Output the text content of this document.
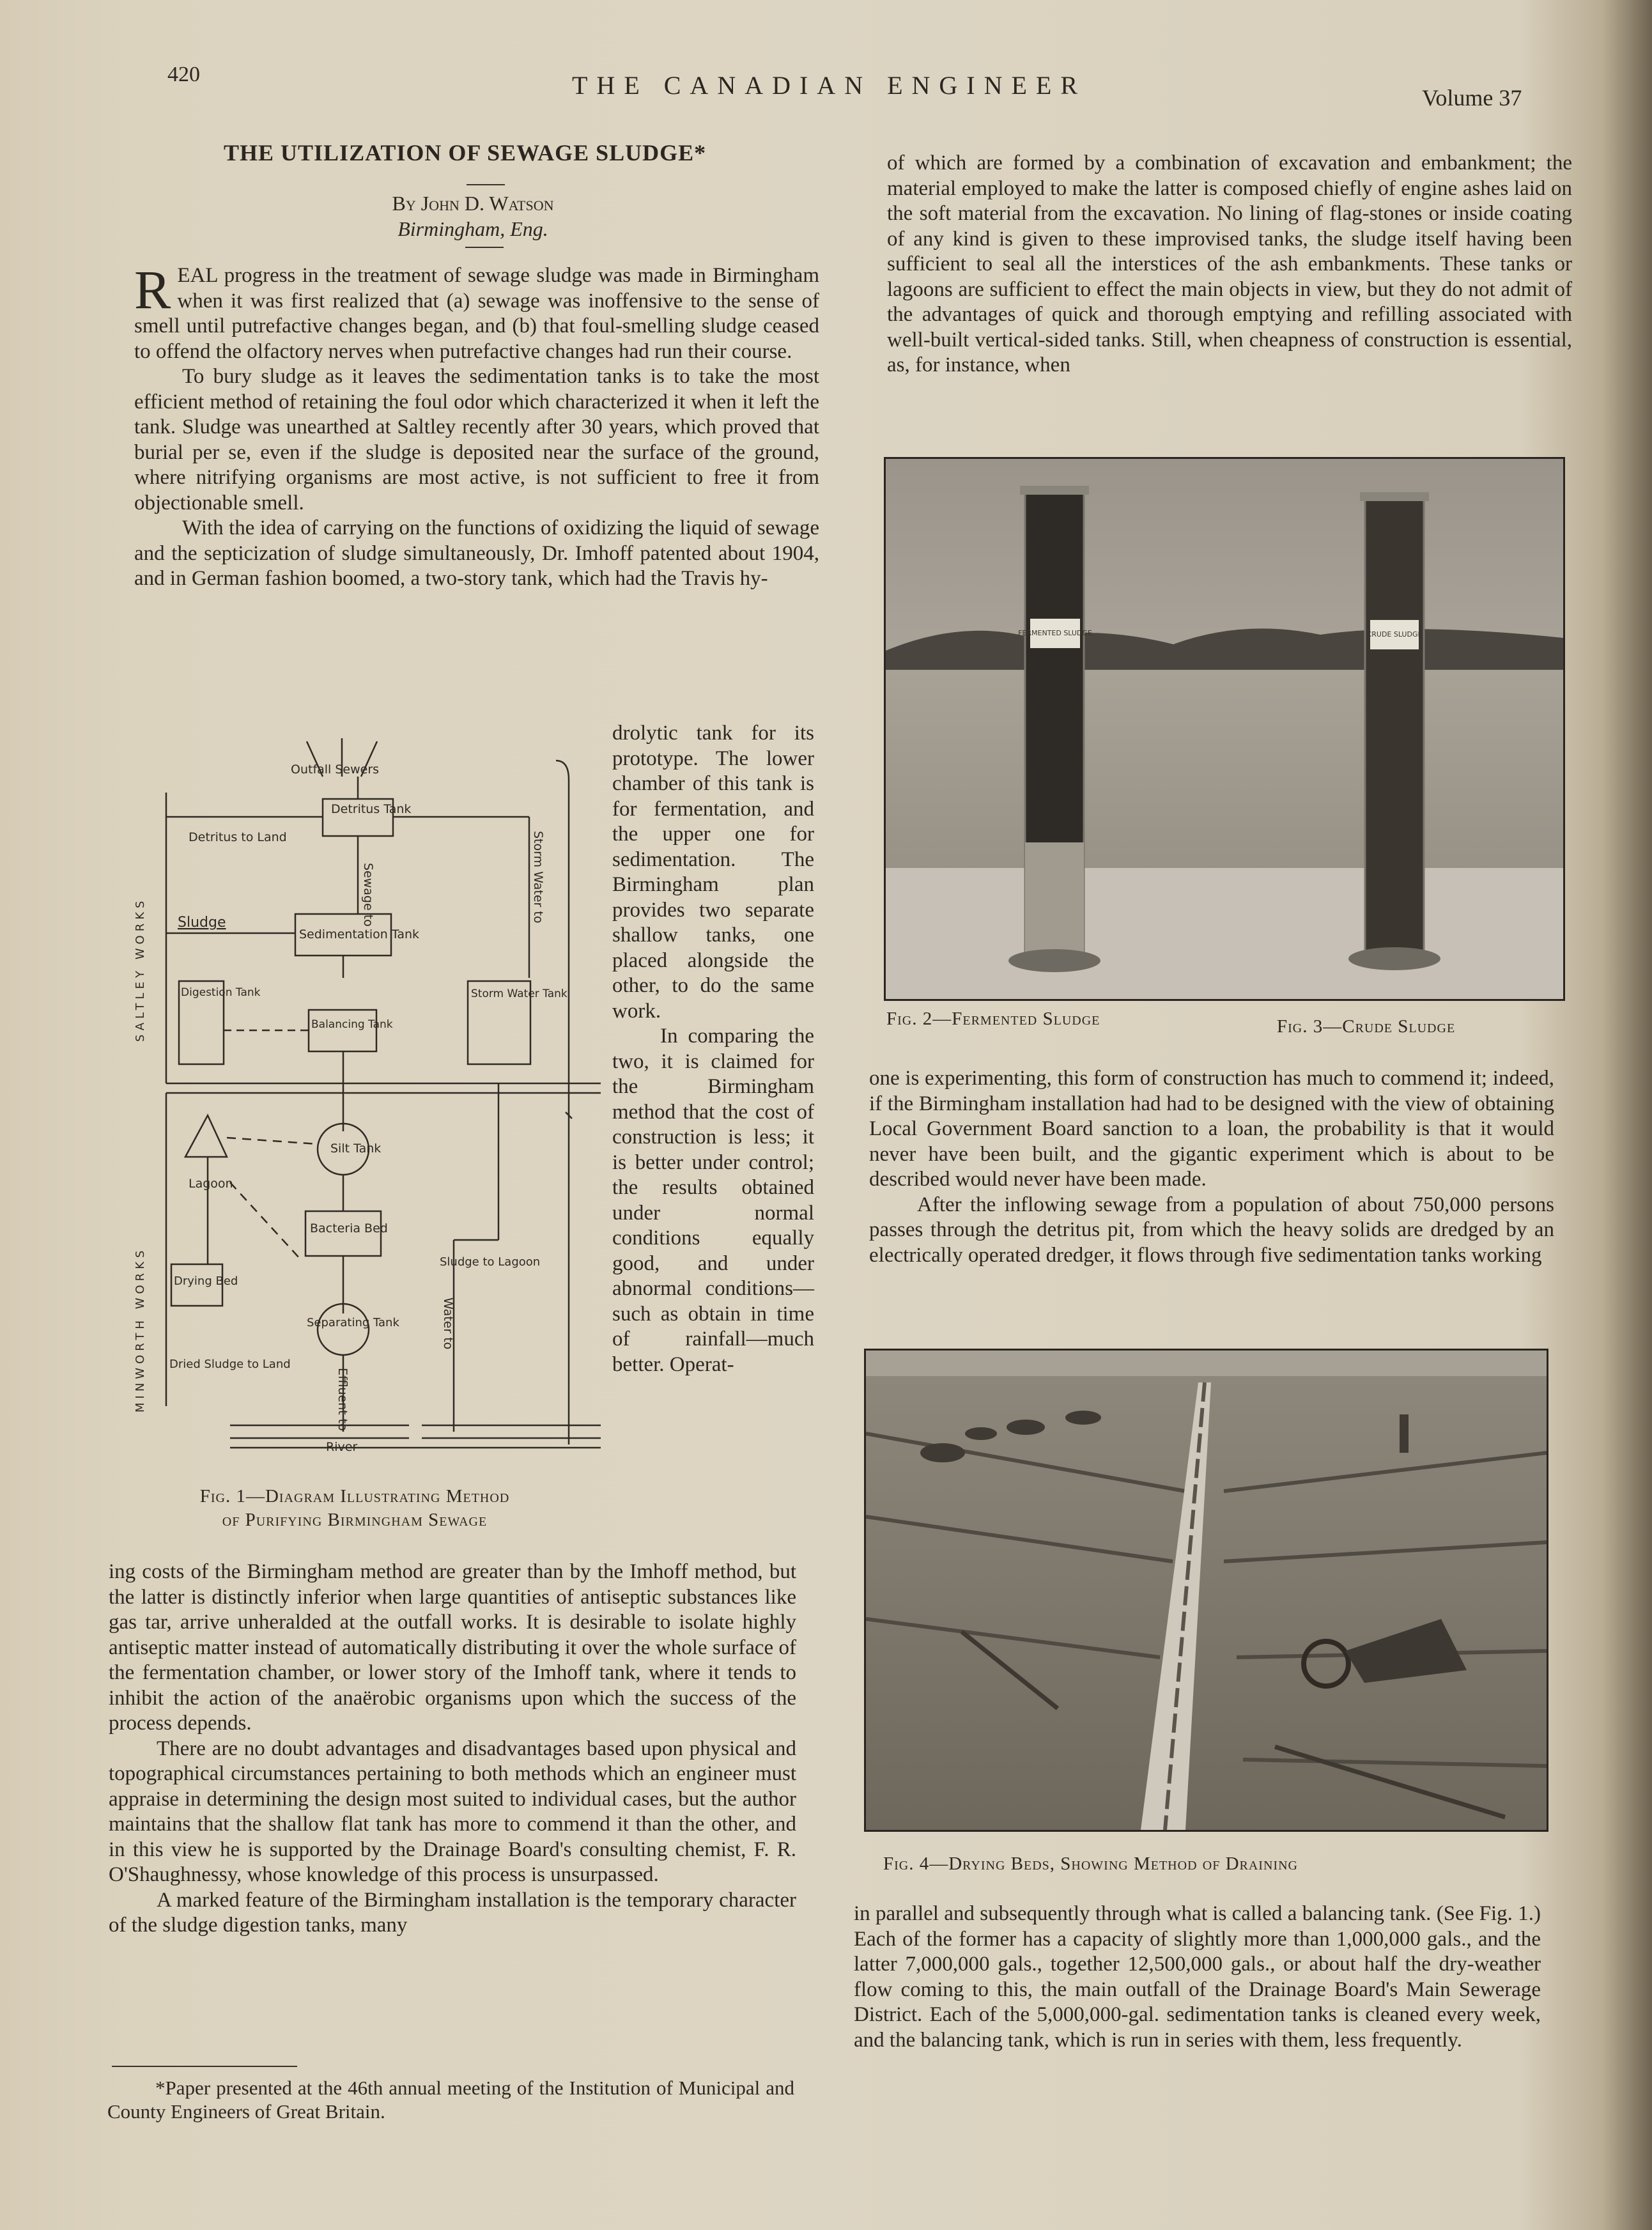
420	THE CANADIAN ENGINEER	Volume 37
THE UTILIZATION OF SEWAGE SLUDGE*
By John D. Watson
Birmingham, Eng.

REAL progress in the treatment of sewage sludge was made in Birmingham when it was first realized that (a) sewage was inoffensive to the sense of smell until putrefactive changes began, and (b) that foul-smelling sludge ceased to offend the olfactory nerves when putrefactive changes had run their course.

To bury sludge as it leaves the sedimentation tanks is to take the most efficient method of retaining the foul odor which characterized it when it left the tank. Sludge was unearthed at Saltley recently after 30 years, which proved that burial per se, even if the sludge is deposited near the surface of the ground, where nitrifying organisms are most active, is not sufficient to free it from objectionable smell.

With the idea of carrying on the functions of oxidizing the liquid of sewage and the septicization of sludge simultaneously, Dr. Imhoff patented about 1904, and in German fashion boomed, a two-story tank, which had the Travis hy-

drolytic tank for its prototype. The lower chamber of this tank is for fermentation, and the upper one for sedimentation. The Birmingham plan provides two separate shallow tanks, one placed alongside the other, to do the same work.

In comparing the two, it is claimed for the Birmingham method that the cost of construction is less; it is better under control; the results obtained under normal conditions equally good, and under abnormal conditions—such as obtain in time of rainfall—much better. Operat-

Outfall Sewers
Detritus Tank
Detritus to Land
Sewage to	Storm Water to
Sludge
Sedimentation Tank
Digestion Tank
Balancing Tank
Storm Water Tank
SALTLEY WORKS
Silt Tank
Lagoon
Bacteria Bed
Drying Bed
Separating Tank
Sludge to Lagoon
Dried Sludge to Land
Effluent to
Water to
River
MINWORTH WORKS
Fig. 1—Diagram Illustrating Method
of Purifying Birmingham Sewage

ing costs of the Birmingham method are greater than by the Imhoff method, but the latter is distinctly inferior when large quantities of antiseptic substances like gas tar, arrive unheralded at the outfall works. It is desirable to isolate highly antiseptic matter instead of automatically distributing it over the whole surface of the fermentation chamber, or lower story of the Imhoff tank, where it tends to inhibit the action of the anaërobic organisms upon which the success of the process depends.

There are no doubt advantages and disadvantages based upon physical and topographical circumstances pertaining to both methods which an engineer must appraise in determining the design most suited to individual cases, but the author maintains that the shallow flat tank has more to commend it than the other, and in this view he is supported by the Drainage Board's consulting chemist, F. R. O'Shaughnessy, whose knowledge of this process is unsurpassed.

A marked feature of the Birmingham installation is the temporary character of the sludge digestion tanks, many

*Paper presented at the 46th annual meeting of the Institution of Municipal and County Engineers of Great Britain.

of which are formed by a combination of excavation and embankment; the material employed to make the latter is composed chiefly of engine ashes laid on the soft material from the excavation. No lining of flag-stones or inside coating of any kind is given to these improvised tanks, the sludge itself having been sufficient to seal all the interstices of the ash embankments. These tanks or lagoons are sufficient to effect the main objects in view, but they do not admit of the advantages of quick and thorough emptying and refilling associated with well-built vertical-sided tanks. Still, when cheapness of construction is essential, as, for instance, when

FERMENTED SLUDGE	CRUDE SLUDGE
Fig. 2—Fermented Sludge	Fig. 3—Crude Sludge

one is experimenting, this form of construction has much to commend it; indeed, if the Birmingham installation had had to be designed with the view of obtaining Local Government Board sanction to a loan, the probability is that it would never have been built, and the gigantic experiment which is about to be described would never have been made.

After the inflowing sewage from a population of about 750,000 persons passes through the detritus pit, from which the heavy solids are dredged by an electrically operated dredger, it flows through five sedimentation tanks working

Fig. 4—Drying Beds, Showing Method of Draining

in parallel and subsequently through what is called a balancing tank. (See Fig. 1.) Each of the former has a capacity of slightly more than 1,000,000 gals., and the latter 7,000,000 gals., together 12,500,000 gals., or about half the dry-weather flow coming to this, the main outfall of the Drainage Board's Main Sewerage District. Each of the 5,000,000-gal. sedimentation tanks is cleaned every week, and the balancing tank, which is run in series with them, less frequently.
